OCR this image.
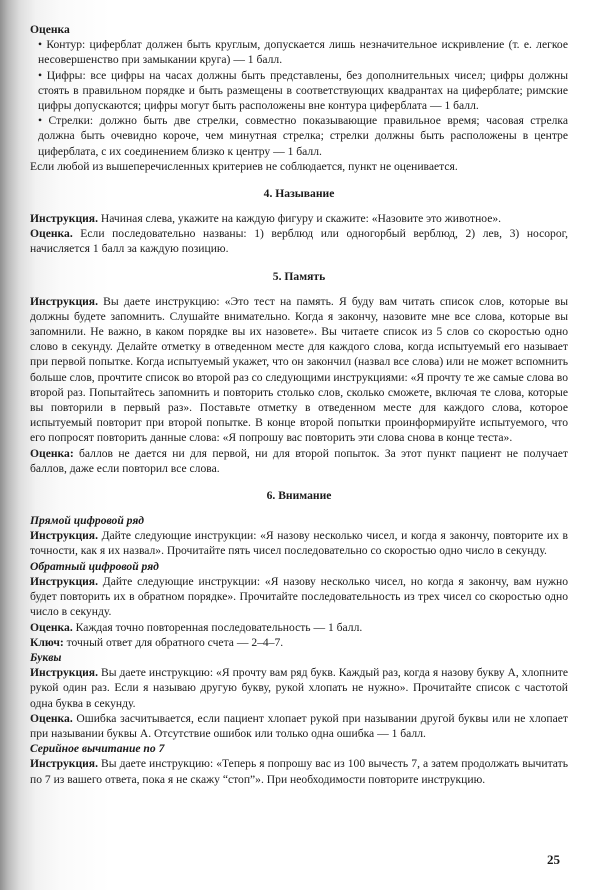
Оценка

• Контур: циферблат должен быть круглым, допускается лишь незначительное искривление (т. е. легкое несовершенство при замыкании круга) — 1 балл.

• Цифры: все цифры на часах должны быть представлены, без дополнительных чисел; цифры должны стоять в правильном порядке и быть размещены в соответствующих квадрантах на циферблате; римские цифры допускаются; цифры могут быть расположены вне контура циферблата — 1 балл.

• Стрелки: должно быть две стрелки, совместно показывающие правильное время; часовая стрелка должна быть очевидно короче, чем минутная стрелка; стрелки должны быть расположены в центре циферблата, с их соединением близко к центру — 1 балл.

Если любой из вышеперечисленных критериев не соблюдается, пункт не оценивается.

4. Называние

Инструкция. Начиная слева, укажите на каждую фигуру и скажите: «Назовите это животное».

Оценка. Если последовательно названы: 1) верблюд или одногорбый верблюд, 2) лев, 3) носорог, начисляется 1 балл за каждую позицию.

5. Память

Инструкция. Вы даете инструкцию: «Это тест на память. Я буду вам читать список слов, которые вы должны будете запомнить. Слушайте внимательно. Когда я закончу, назовите мне все слова, которые вы запомнили. Не важно, в каком порядке вы их назовете». Вы читаете список из 5 слов со скоростью одно слово в секунду. Делайте отметку в отведенном месте для каждого слова, когда испытуемый его называет при первой попытке. Когда испытуемый укажет, что он закончил (назвал все слова) или не может вспомнить больше слов, прочтите список во второй раз со следующими инструкциями: «Я прочту те же самые слова во второй раз. Попытайтесь запомнить и повторить столько слов, сколько сможете, включая те слова, которые вы повторили в первый раз». Поставьте отметку в отведенном месте для каждого слова, которое испытуемый повторит при второй попытке. В конце второй попытки проинформируйте испытуемого, что его попросят повторить данные слова: «Я попрошу вас повторить эти слова снова в конце теста».

Оценка: баллов не дается ни для первой, ни для второй попыток. За этот пункт пациент не получает баллов, даже если повторил все слова.

6. Внимание

Прямой цифровой ряд

Инструкция. Дайте следующие инструкции: «Я назову несколько чисел, и когда я закончу, повторите их в точности, как я их назвал». Прочитайте пять чисел последовательно со скоростью одно число в секунду.

Обратный цифровой ряд

Инструкция. Дайте следующие инструкции: «Я назову несколько чисел, но когда я закончу, вам нужно будет повторить их в обратном порядке». Прочитайте последовательность из трех чисел со скоростью одно число в секунду.

Оценка. Каждая точно повторенная последовательность — 1 балл.

Ключ: точный ответ для обратного счета — 2–4–7.

Буквы

Инструкция. Вы даете инструкцию: «Я прочту вам ряд букв. Каждый раз, когда я назову букву А, хлопните рукой один раз. Если я называю другую букву, рукой хлопать не нужно». Прочитайте список с частотой одна буква в секунду.

Оценка. Ошибка засчитывается, если пациент хлопает рукой при назывании другой буквы или не хлопает при назывании буквы А. Отсутствие ошибок или только одна ошибка — 1 балл.

Серийное вычитание по 7

Инструкция. Вы даете инструкцию: «Теперь я попрошу вас из 100 вычесть 7, а затем продолжать вычитать по 7 из вашего ответа, пока я не скажу “стоп”». При необходимости повторите инструкцию.

25
